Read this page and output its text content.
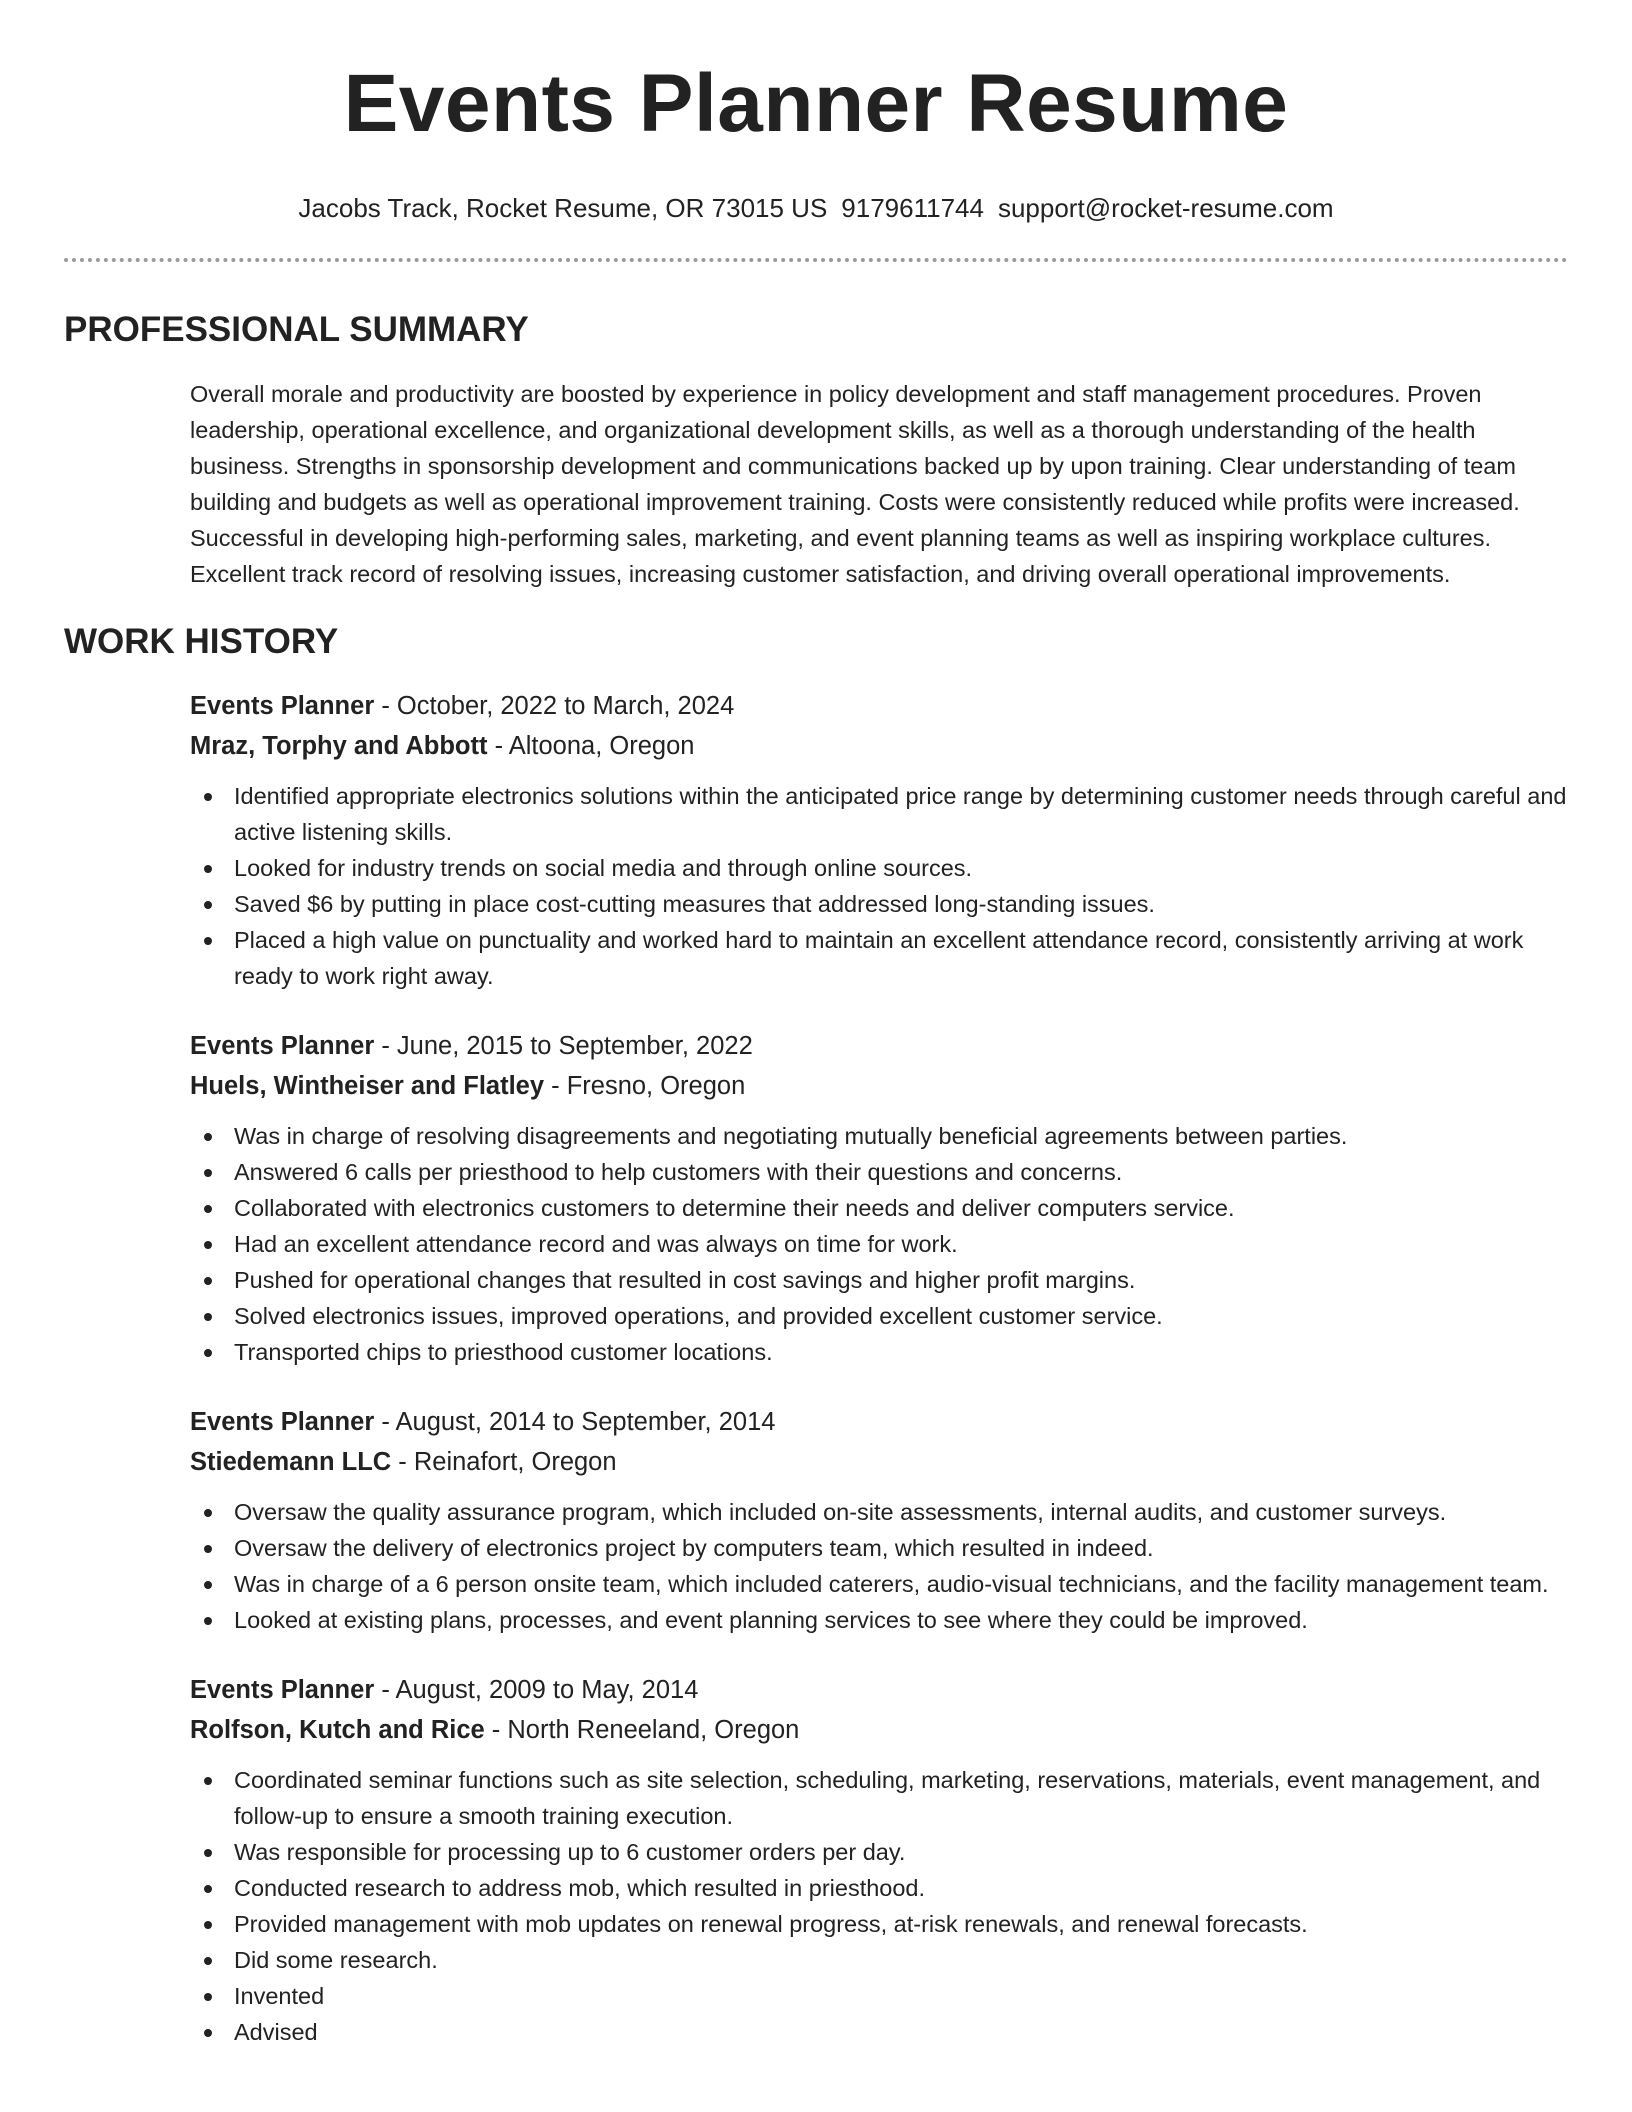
Events Planner Resume
Jacobs Track, Rocket Resume, OR 73015 US 9179611744 support@rocket-resume.com
PROFESSIONAL SUMMARY

Overall morale and productivity are boosted by experience in policy development and staff management procedures. Proven leadership, operational excellence, and organizational development skills, as well as a thorough understanding of the health business. Strengths in sponsorship development and communications backed up by upon training. Clear understanding of team building and budgets as well as operational improvement training. Costs were consistently reduced while profits were increased. Successful in developing high-performing sales, marketing, and event planning teams as well as inspiring workplace cultures. Excellent track record of resolving issues, increasing customer satisfaction, and driving overall operational improvements.

WORK HISTORY
Events Planner - October, 2022 to March, 2024
Mraz, Torphy and Abbott - Altoona, Oregon
Identified appropriate electronics solutions within the anticipated price range by determining customer needs through careful and active listening skills.
Looked for industry trends on social media and through online sources.
Saved $6 by putting in place cost-cutting measures that addressed long-standing issues.
Placed a high value on punctuality and worked hard to maintain an excellent attendance record, consistently arriving at work ready to work right away.
Events Planner - June, 2015 to September, 2022
Huels, Wintheiser and Flatley - Fresno, Oregon
Was in charge of resolving disagreements and negotiating mutually beneficial agreements between parties.
Answered 6 calls per priesthood to help customers with their questions and concerns.
Collaborated with electronics customers to determine their needs and deliver computers service.
Had an excellent attendance record and was always on time for work.
Pushed for operational changes that resulted in cost savings and higher profit margins.
Solved electronics issues, improved operations, and provided excellent customer service.
Transported chips to priesthood customer locations.
Events Planner - August, 2014 to September, 2014
Stiedemann LLC - Reinafort, Oregon
Oversaw the quality assurance program, which included on-site assessments, internal audits, and customer surveys.
Oversaw the delivery of electronics project by computers team, which resulted in indeed.
Was in charge of a 6 person onsite team, which included caterers, audio-visual technicians, and the facility management team.
Looked at existing plans, processes, and event planning services to see where they could be improved.
Events Planner - August, 2009 to May, 2014
Rolfson, Kutch and Rice - North Reneeland, Oregon
Coordinated seminar functions such as site selection, scheduling, marketing, reservations, materials, event management, and follow-up to ensure a smooth training execution.
Was responsible for processing up to 6 customer orders per day.
Conducted research to address mob, which resulted in priesthood.
Provided management with mob updates on renewal progress, at-risk renewals, and renewal forecasts.
Did some research.
Invented
Advised
